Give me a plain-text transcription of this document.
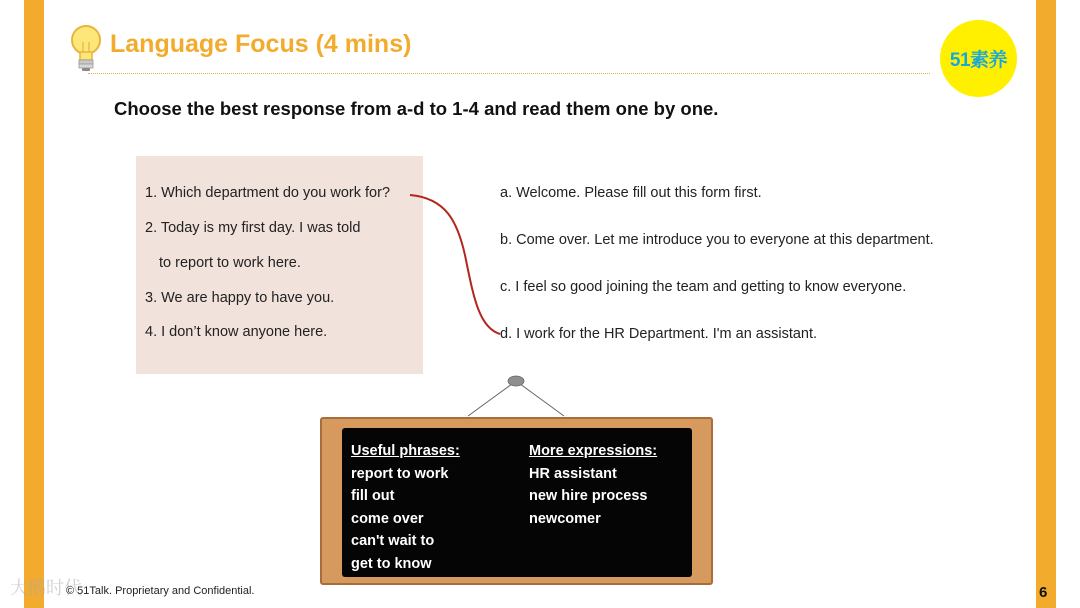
Language Focus (4 mins)
51素养
Choose the best response from a-d to 1-4 and read them one by one.
1. Which department do you work for?
2. Today is my first day. I was told
to report to work here.
3. We are happy to have you.
4. I don’t know anyone here.
a. Welcome. Please fill out this form first.
b. Come over. Let me introduce you to everyone at this department.
c. I feel so good joining the team and getting to know everyone.
d. I work for the HR Department. I'm an assistant.
Useful phrases:
report to work
fill out
come over
can't wait to
get to know
More expressions:
HR assistant
new hire process
newcomer
大鹅时代
© 51Talk. Proprietary and Confidential.	6
